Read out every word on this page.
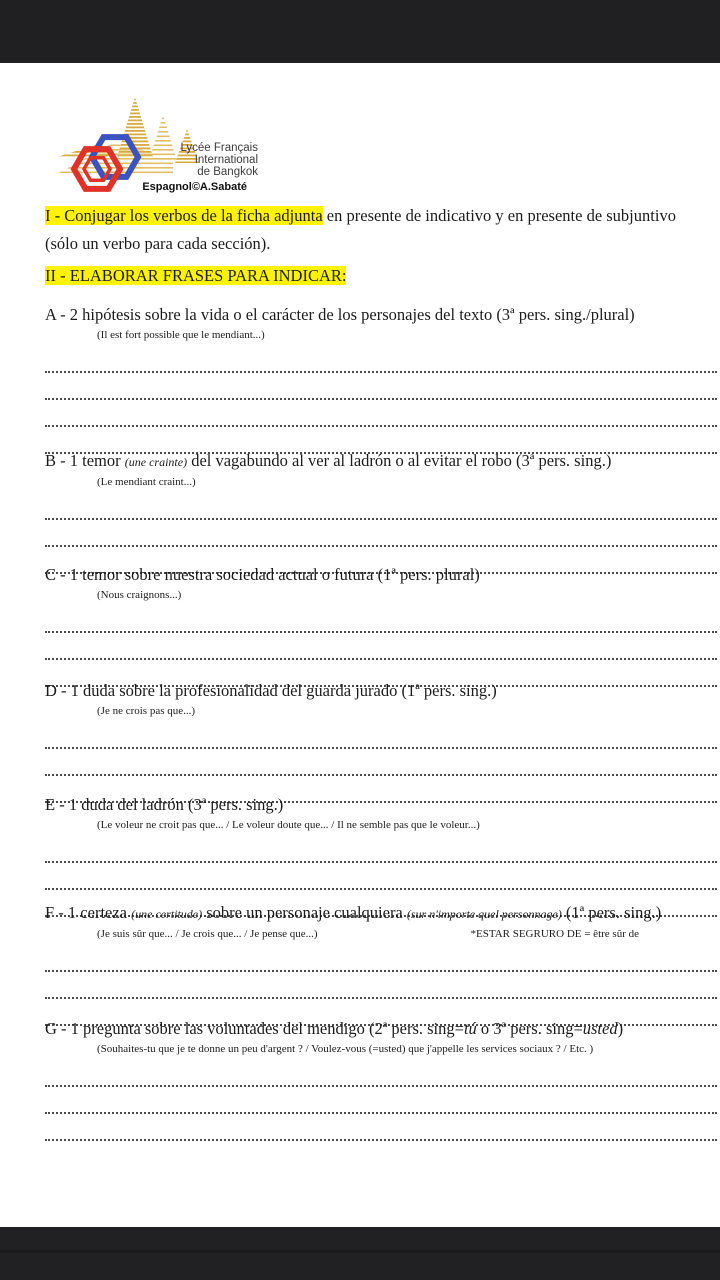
Lycée Français
International
de Bangkok
Espagnol©A.Sabaté
I - Conjugar los verbos de la ficha adjunta en presente de indicativo y en presente de subjuntivo
(sólo un verbo para cada sección).
II - ELABORAR FRASES PARA INDICAR:
A - 2 hipótesis sobre la vida o el carácter de los personajes del texto (3ª pers. sing./plural)
(Il est fort possible que le mendiant...)
B - 1 temor (une crainte) del vagabundo al ver al ladrón o al evitar el robo (3ª pers. sing.)
(Le mendiant craint...)
C - 1 temor sobre nuestra sociedad actual o futura (1ª pers. plural)
(Nous craignons...)
D - 1 duda sobre la profesionalidad del guarda jurado (1ª pers. sing.)
(Je ne crois pas que...)
E - 1 duda del ladrón (3ª pers. sing.)
(Le voleur ne croit pas que... / Le voleur doute que... / Il ne semble pas que le voleur...)
F - 1 certeza (une certitude) sobre un personaje cualquiera (sur n'importe quel personnage) (1ª pers. sing.)
(Je suis sûr que... / Je crois que... / Je pense que...)	*ESTAR SEGRURO DE = être sûr de
G - 1 pregunta sobre las voluntades del mendigo (2ª pers. sing=tú o 3ª pers. sing=usted)
(Souhaites-tu que je te donne un peu d'argent ? / Voulez-vous (=usted) que j'appelle les services sociaux ? / Etc. )
